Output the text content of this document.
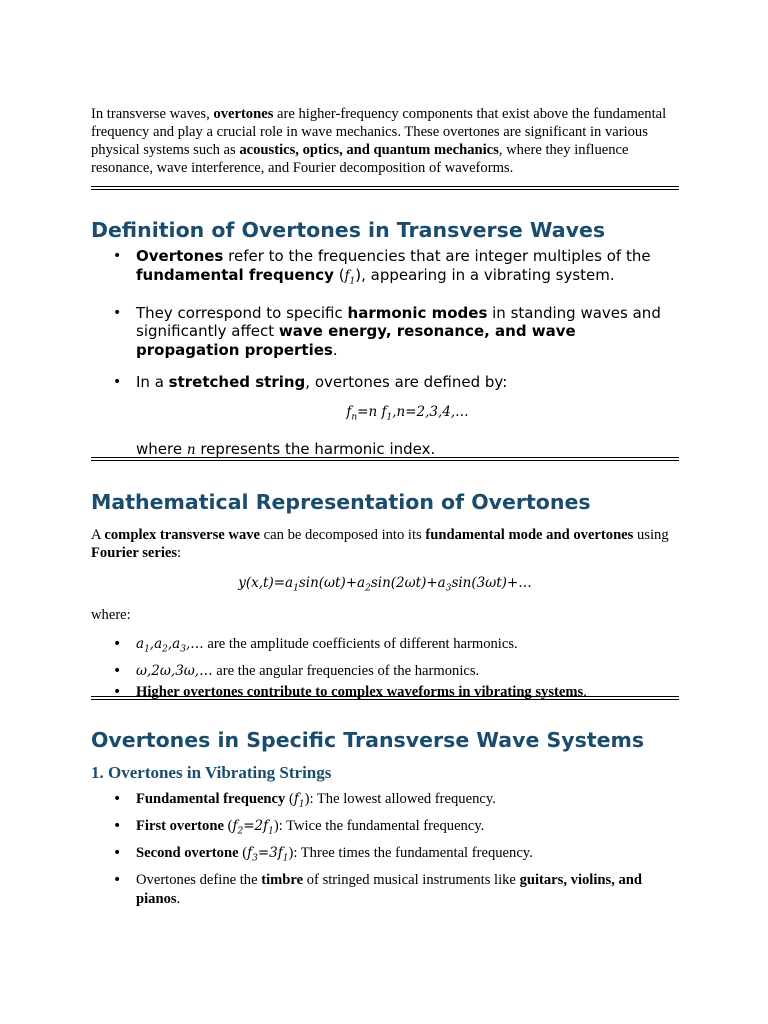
In transverse waves, overtones are higher-frequency components that exist above the fundamental frequency and play a crucial role in wave mechanics. These overtones are significant in various physical systems such as acoustics, optics, and quantum mechanics, where they influence resonance, wave interference, and Fourier decomposition of waveforms.

Definition of Overtones in Transverse Waves
• Overtones refer to the frequencies that are integer multiples of the fundamental frequency $(f_1)$, appearing in a vibrating system.
• They correspond to specific harmonic modes in standing waves and significantly affect wave energy, resonance, and wave propagation properties.
• In a stretched string, overtones are defined by:
$f_n=n$ $f_1,n=2,3,4,\dots$
where n represents the harmonic index.
Mathematical Representation of Overtones

A complex transverse wave can be decomposed into its fundamental mode and overtones using Fourier series:

$y(x,t)=a_1\sin(\omega t)+a_2\sin(2\omega t)+a_3\sin(3\omega t)+\dots$

where:

• $a_1,a_2,a_3,\dots$ are the amplitude coefficients of different harmonics.
• ω,2ω,3ω,… are the angular frequencies of the harmonics.
• Higher overtones contribute to complex waveforms in vibrating systems.
Overtones in Specific Transverse Wave Systems
1. Overtones in Vibrating Strings
• Fundamental frequency $(f_1)$: The lowest allowed frequency.
• First overtone $(f_2=2f_1)$: Twice the fundamental frequency.
• Second overtone $(f_3=3f_1)$: Three times the fundamental frequency.
• Overtones define the timbre of stringed musical instruments like guitars, violins, and pianos.
